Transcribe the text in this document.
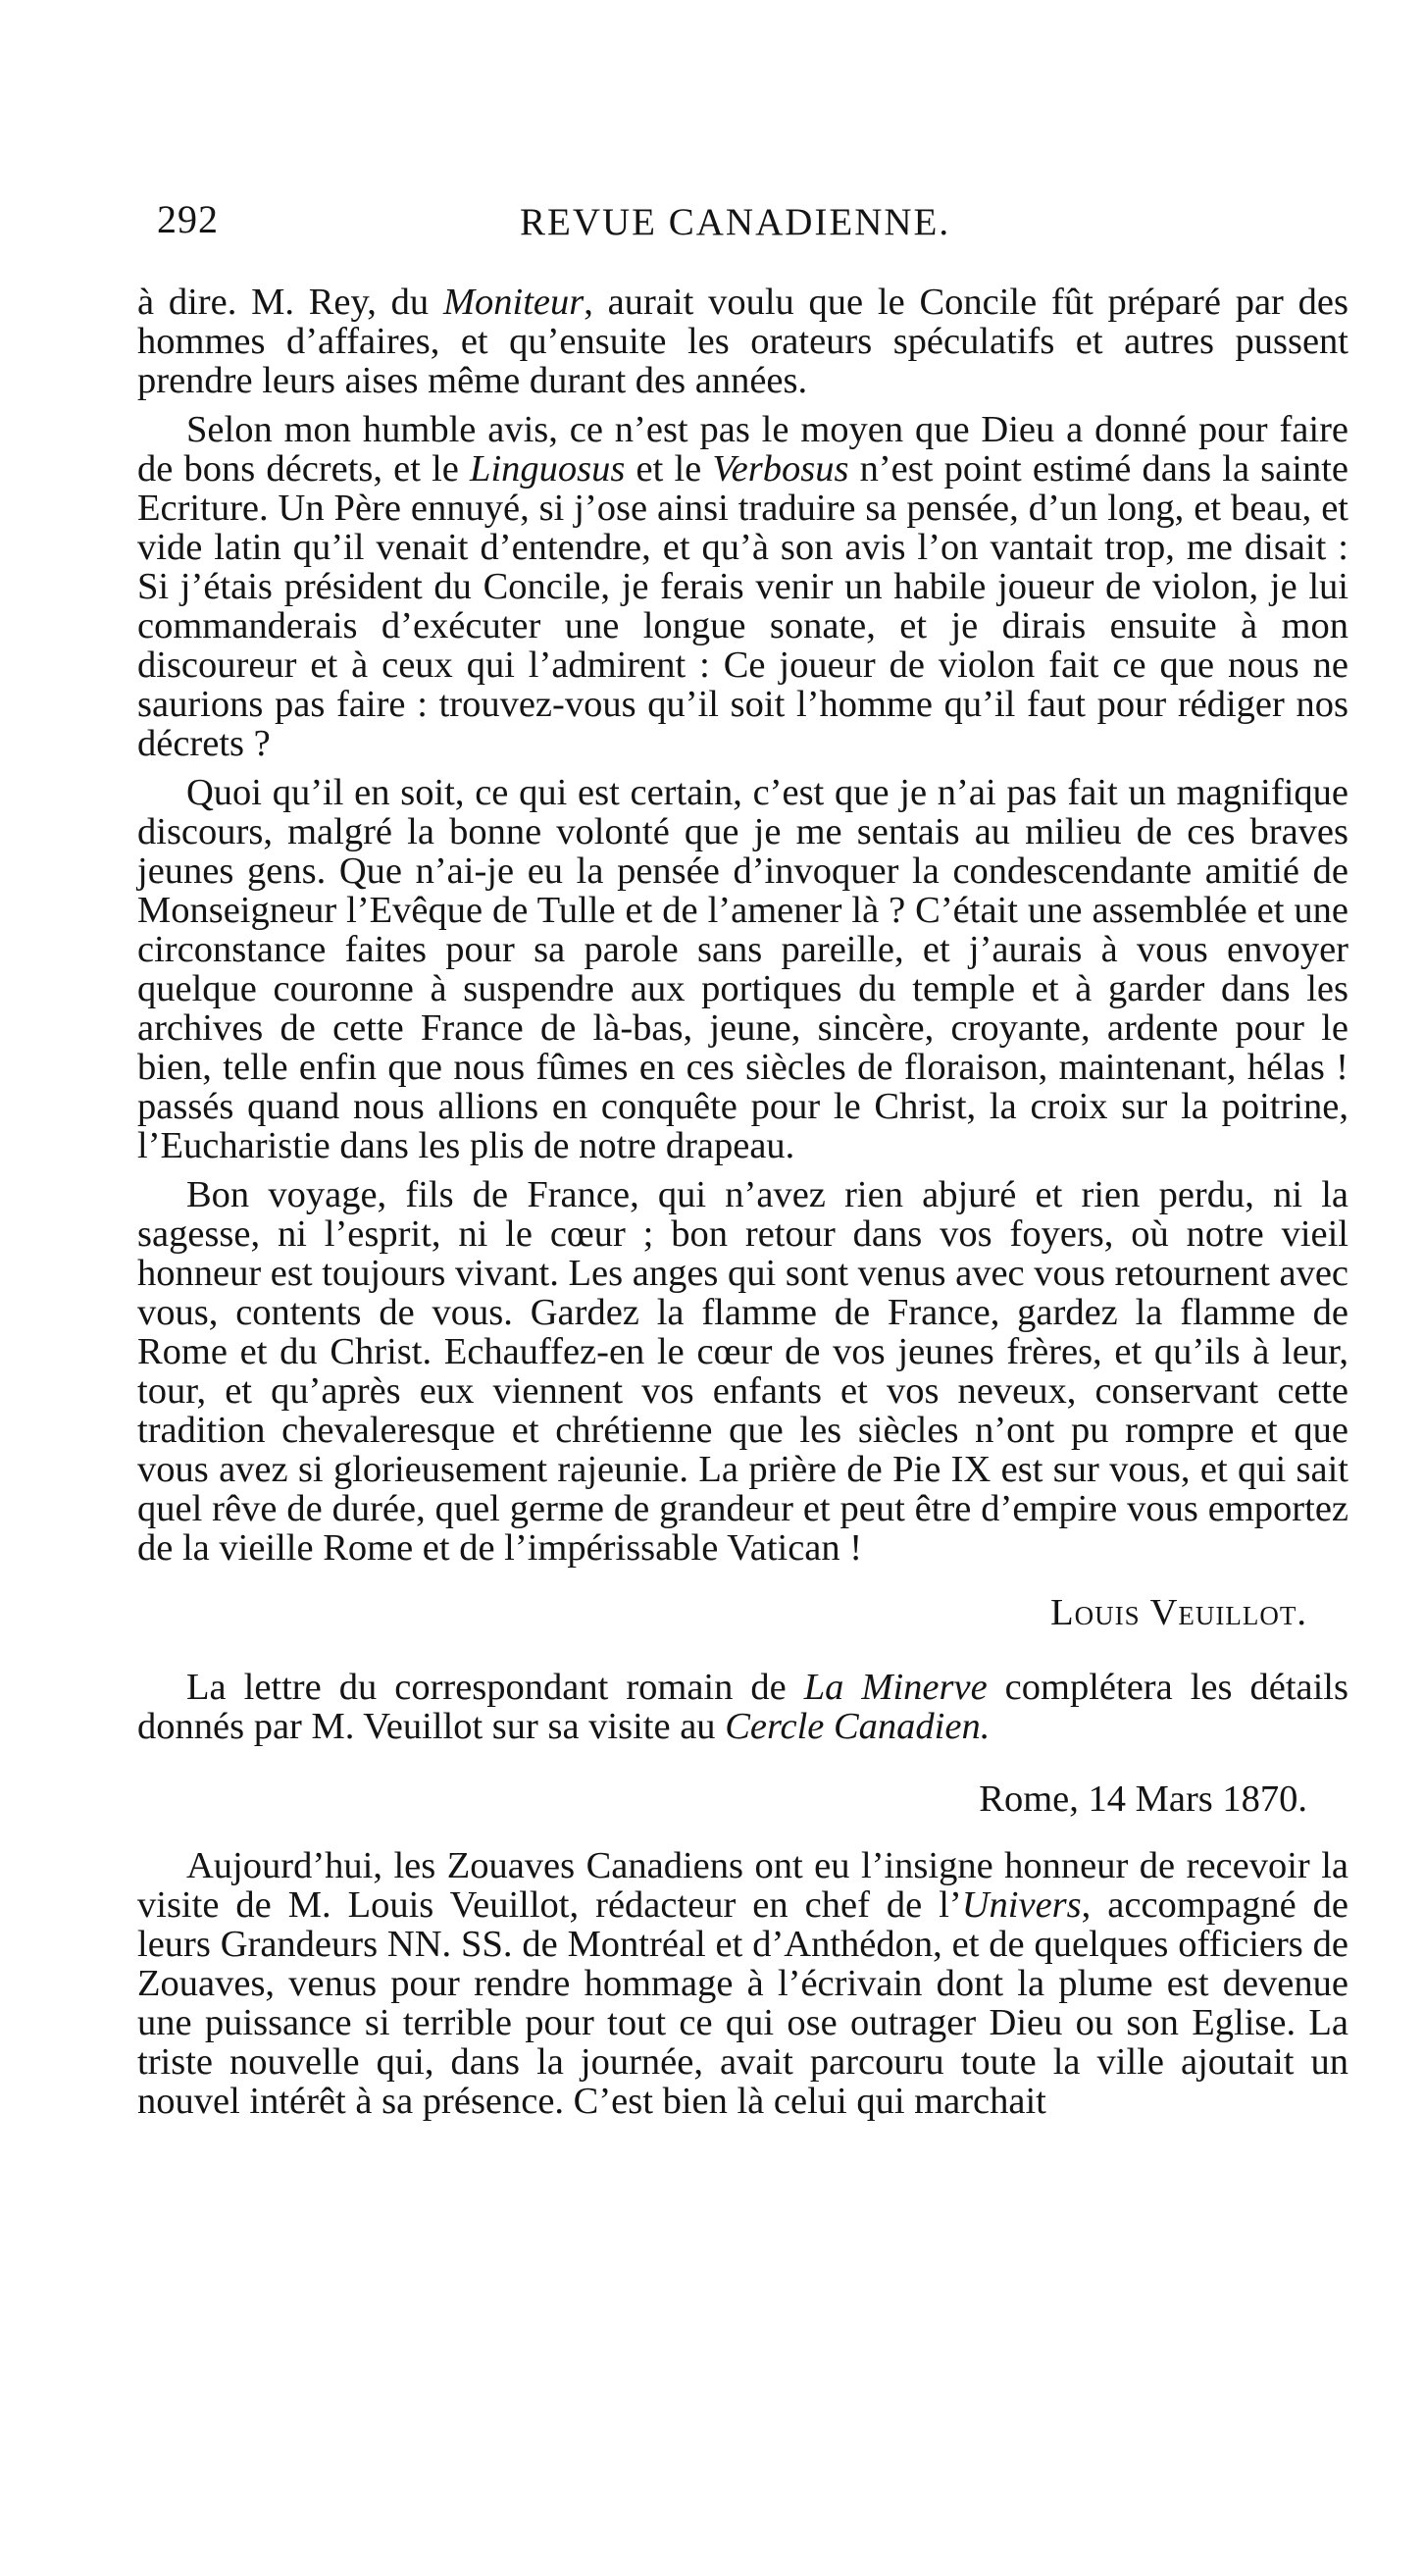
292	REVUE CANADIENNE.

à dire. M. Rey, du Moniteur, aurait voulu que le Concile fût préparé par des hommes d’affaires, et qu’ensuite les orateurs spéculatifs et autres pussent prendre leurs aises même durant des années.

Selon mon humble avis, ce n’est pas le moyen que Dieu a donné pour faire de bons décrets, et le Linguosus et le Verbosus n’est point estimé dans la sainte Ecriture. Un Père ennuyé, si j’ose ainsi traduire sa pensée, d’un long, et beau, et vide latin qu’il venait d’entendre, et qu’à son avis l’on vantait trop, me disait : Si j’étais président du Concile, je ferais venir un habile joueur de violon, je lui commanderais d’exécuter une longue sonate, et je dirais ensuite à mon discoureur et à ceux qui l’admirent : Ce joueur de violon fait ce que nous ne saurions pas faire : trouvez-vous qu’il soit l’homme qu’il faut pour rédiger nos décrets ?

Quoi qu’il en soit, ce qui est certain, c’est que je n’ai pas fait un magnifique discours, malgré la bonne volonté que je me sentais au milieu de ces braves jeunes gens. Que n’ai-je eu la pensée d’invoquer la condescendante amitié de Monseigneur l’Evêque de Tulle et de l’amener là ? C’était une assemblée et une circonstance faites pour sa parole sans pareille, et j’aurais à vous envoyer quelque couronne à suspendre aux portiques du temple et à garder dans les archives de cette France de là-bas, jeune, sincère, croyante, ardente pour le bien, telle enfin que nous fûmes en ces siècles de floraison, maintenant, hélas ! passés quand nous allions en conquête pour le Christ, la croix sur la poitrine, l’Eucharistie dans les plis de notre drapeau.

Bon voyage, fils de France, qui n’avez rien abjuré et rien perdu, ni la sagesse, ni l’esprit, ni le cœur ; bon retour dans vos foyers, où notre vieil honneur est toujours vivant. Les anges qui sont venus avec vous retournent avec vous, contents de vous. Gardez la flamme de France, gardez la flamme de Rome et du Christ. Echauffez-en le cœur de vos jeunes frères, et qu’ils à leur, tour, et qu’après eux viennent vos enfants et vos neveux, conservant cette tradition chevaleresque et chrétienne que les siècles n’ont pu rompre et que vous avez si glorieusement rajeunie. La prière de Pie IX est sur vous, et qui sait quel rêve de durée, quel germe de grandeur et peut être d’empire vous emportez de la vieille Rome et de l’impérissable Vatican !

Louis Veuillot.

La lettre du correspondant romain de La Minerve complétera les détails donnés par M. Veuillot sur sa visite au Cercle Canadien.

Rome, 14 Mars 1870.

Aujourd’hui, les Zouaves Canadiens ont eu l’insigne honneur de recevoir la visite de M. Louis Veuillot, rédacteur en chef de l’Univers, accompagné de leurs Grandeurs NN. SS. de Montréal et d’Anthédon, et de quelques officiers de Zouaves, venus pour rendre hommage à l’écrivain dont la plume est devenue une puissance si terrible pour tout ce qui ose outrager Dieu ou son Eglise. La triste nouvelle qui, dans la journée, avait parcouru toute la ville ajoutait un nouvel intérêt à sa présence. C’est bien là celui qui marchait
